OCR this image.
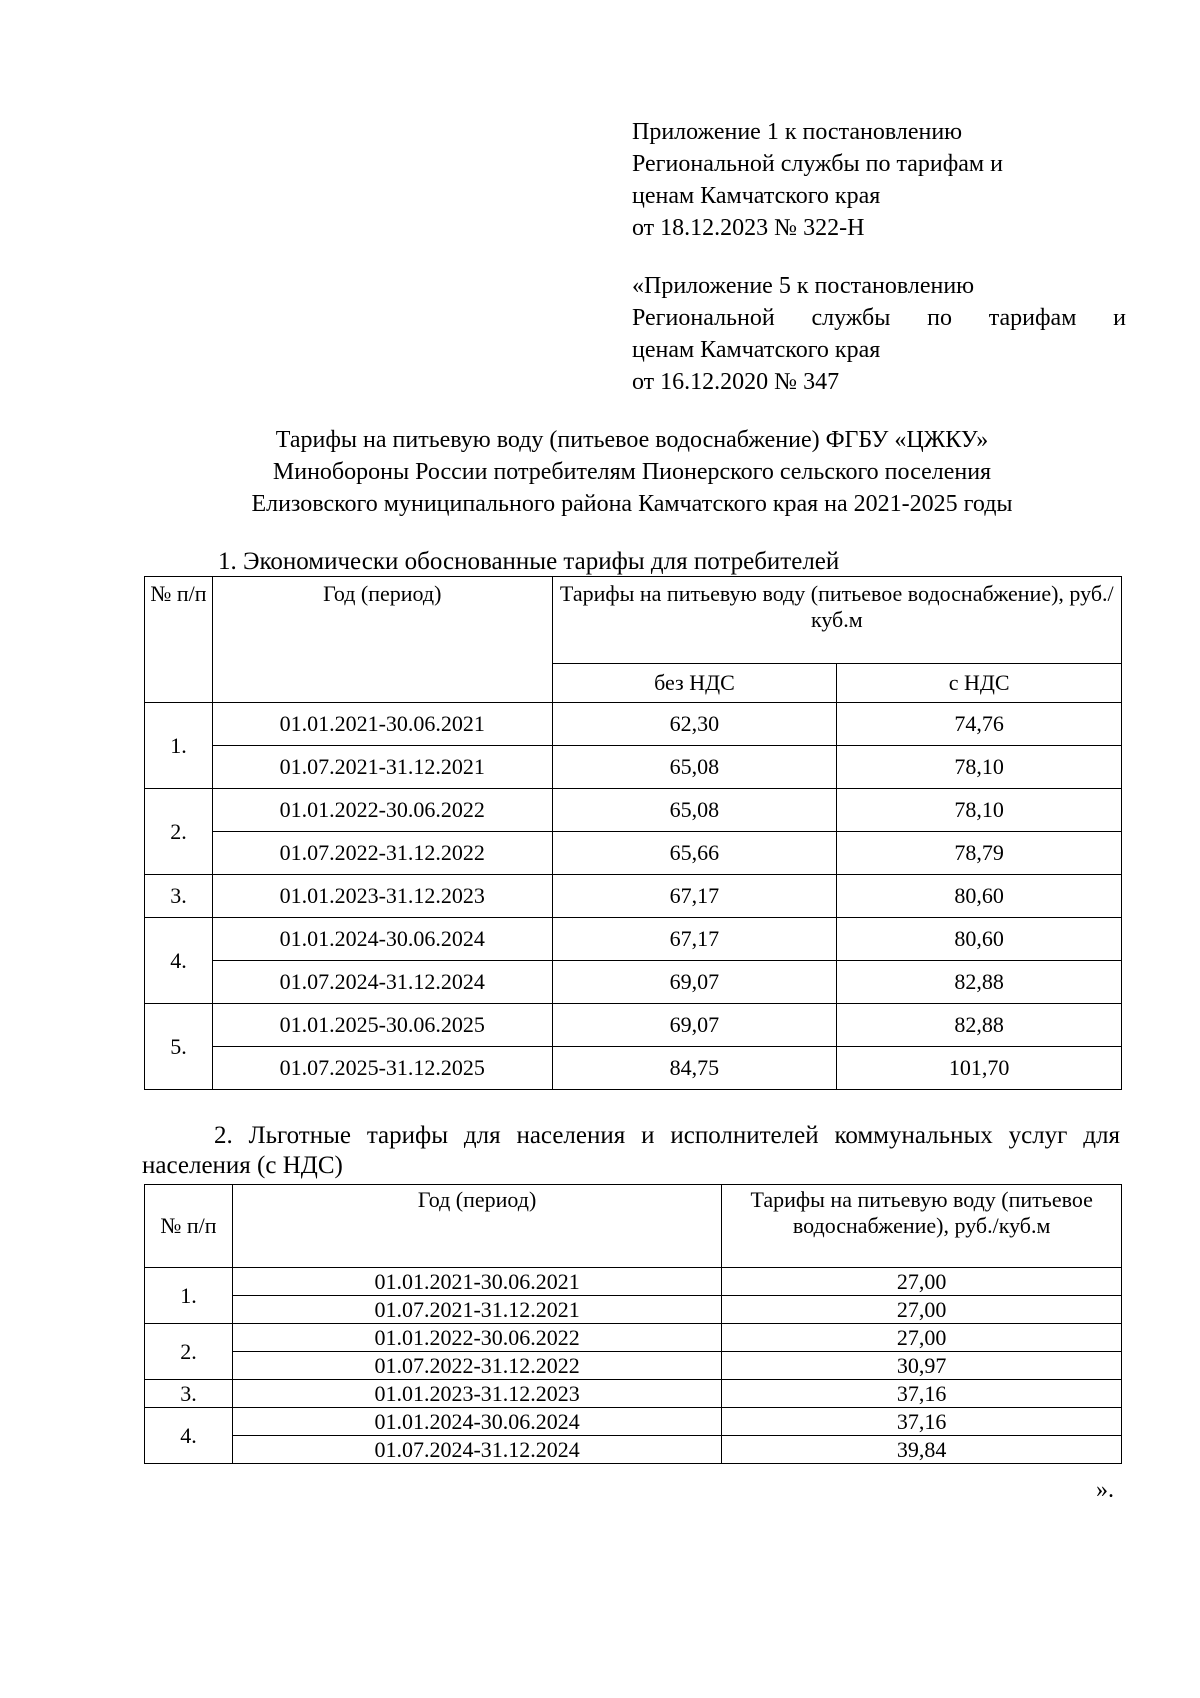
Приложение 1 к постановлению
Региональной службы по тарифам и
ценам Камчатского края
от 18.12.2023 № 322-Н
«Приложение 5 к постановлению
Региональной службы по тарифам и
ценам Камчатского края
от 16.12.2020 № 347
Тарифы на питьевую воду (питьевое водоснабжение) ФГБУ «ЦЖКУ»
Минобороны России потребителям Пионерского сельского поселения
Елизовского муниципального района Камчатского края на 2021-2025 годы
1. Экономически обоснованные тарифы для потребителей
№ п/п	Год (период)	Тарифы на питьевую воду (питьевое водоснабжение), руб./куб.м	
		без НДС	с НДС
1.	01.01.2021-30.06.2021	62,30	74,76
	01.07.2021-31.12.2021	65,08	78,10
2.	01.01.2022-30.06.2022	65,08	78,10
	01.07.2022-31.12.2022	65,66	78,79
3.	01.01.2023-31.12.2023	67,17	80,60
4.	01.01.2024-30.06.2024	67,17	80,60
	01.07.2024-31.12.2024	69,07	82,88
5.	01.01.2025-30.06.2025	69,07	82,88
	01.07.2025-31.12.2025	84,75	101,70
2. Льготные тарифы для населения и исполнителей коммунальных услуг для населения (с НДС)
№ п/п	Год (период)	Тарифы на питьевую воду (питьевое водоснабжение), руб./куб.м
1.	01.01.2021-30.06.2021	27,00
	01.07.2021-31.12.2021	27,00
2.	01.01.2022-30.06.2022	27,00
	01.07.2022-31.12.2022	30,97
3.	01.01.2023-31.12.2023	37,16
4.	01.01.2024-30.06.2024	37,16
	01.07.2024-31.12.2024	39,84
».
